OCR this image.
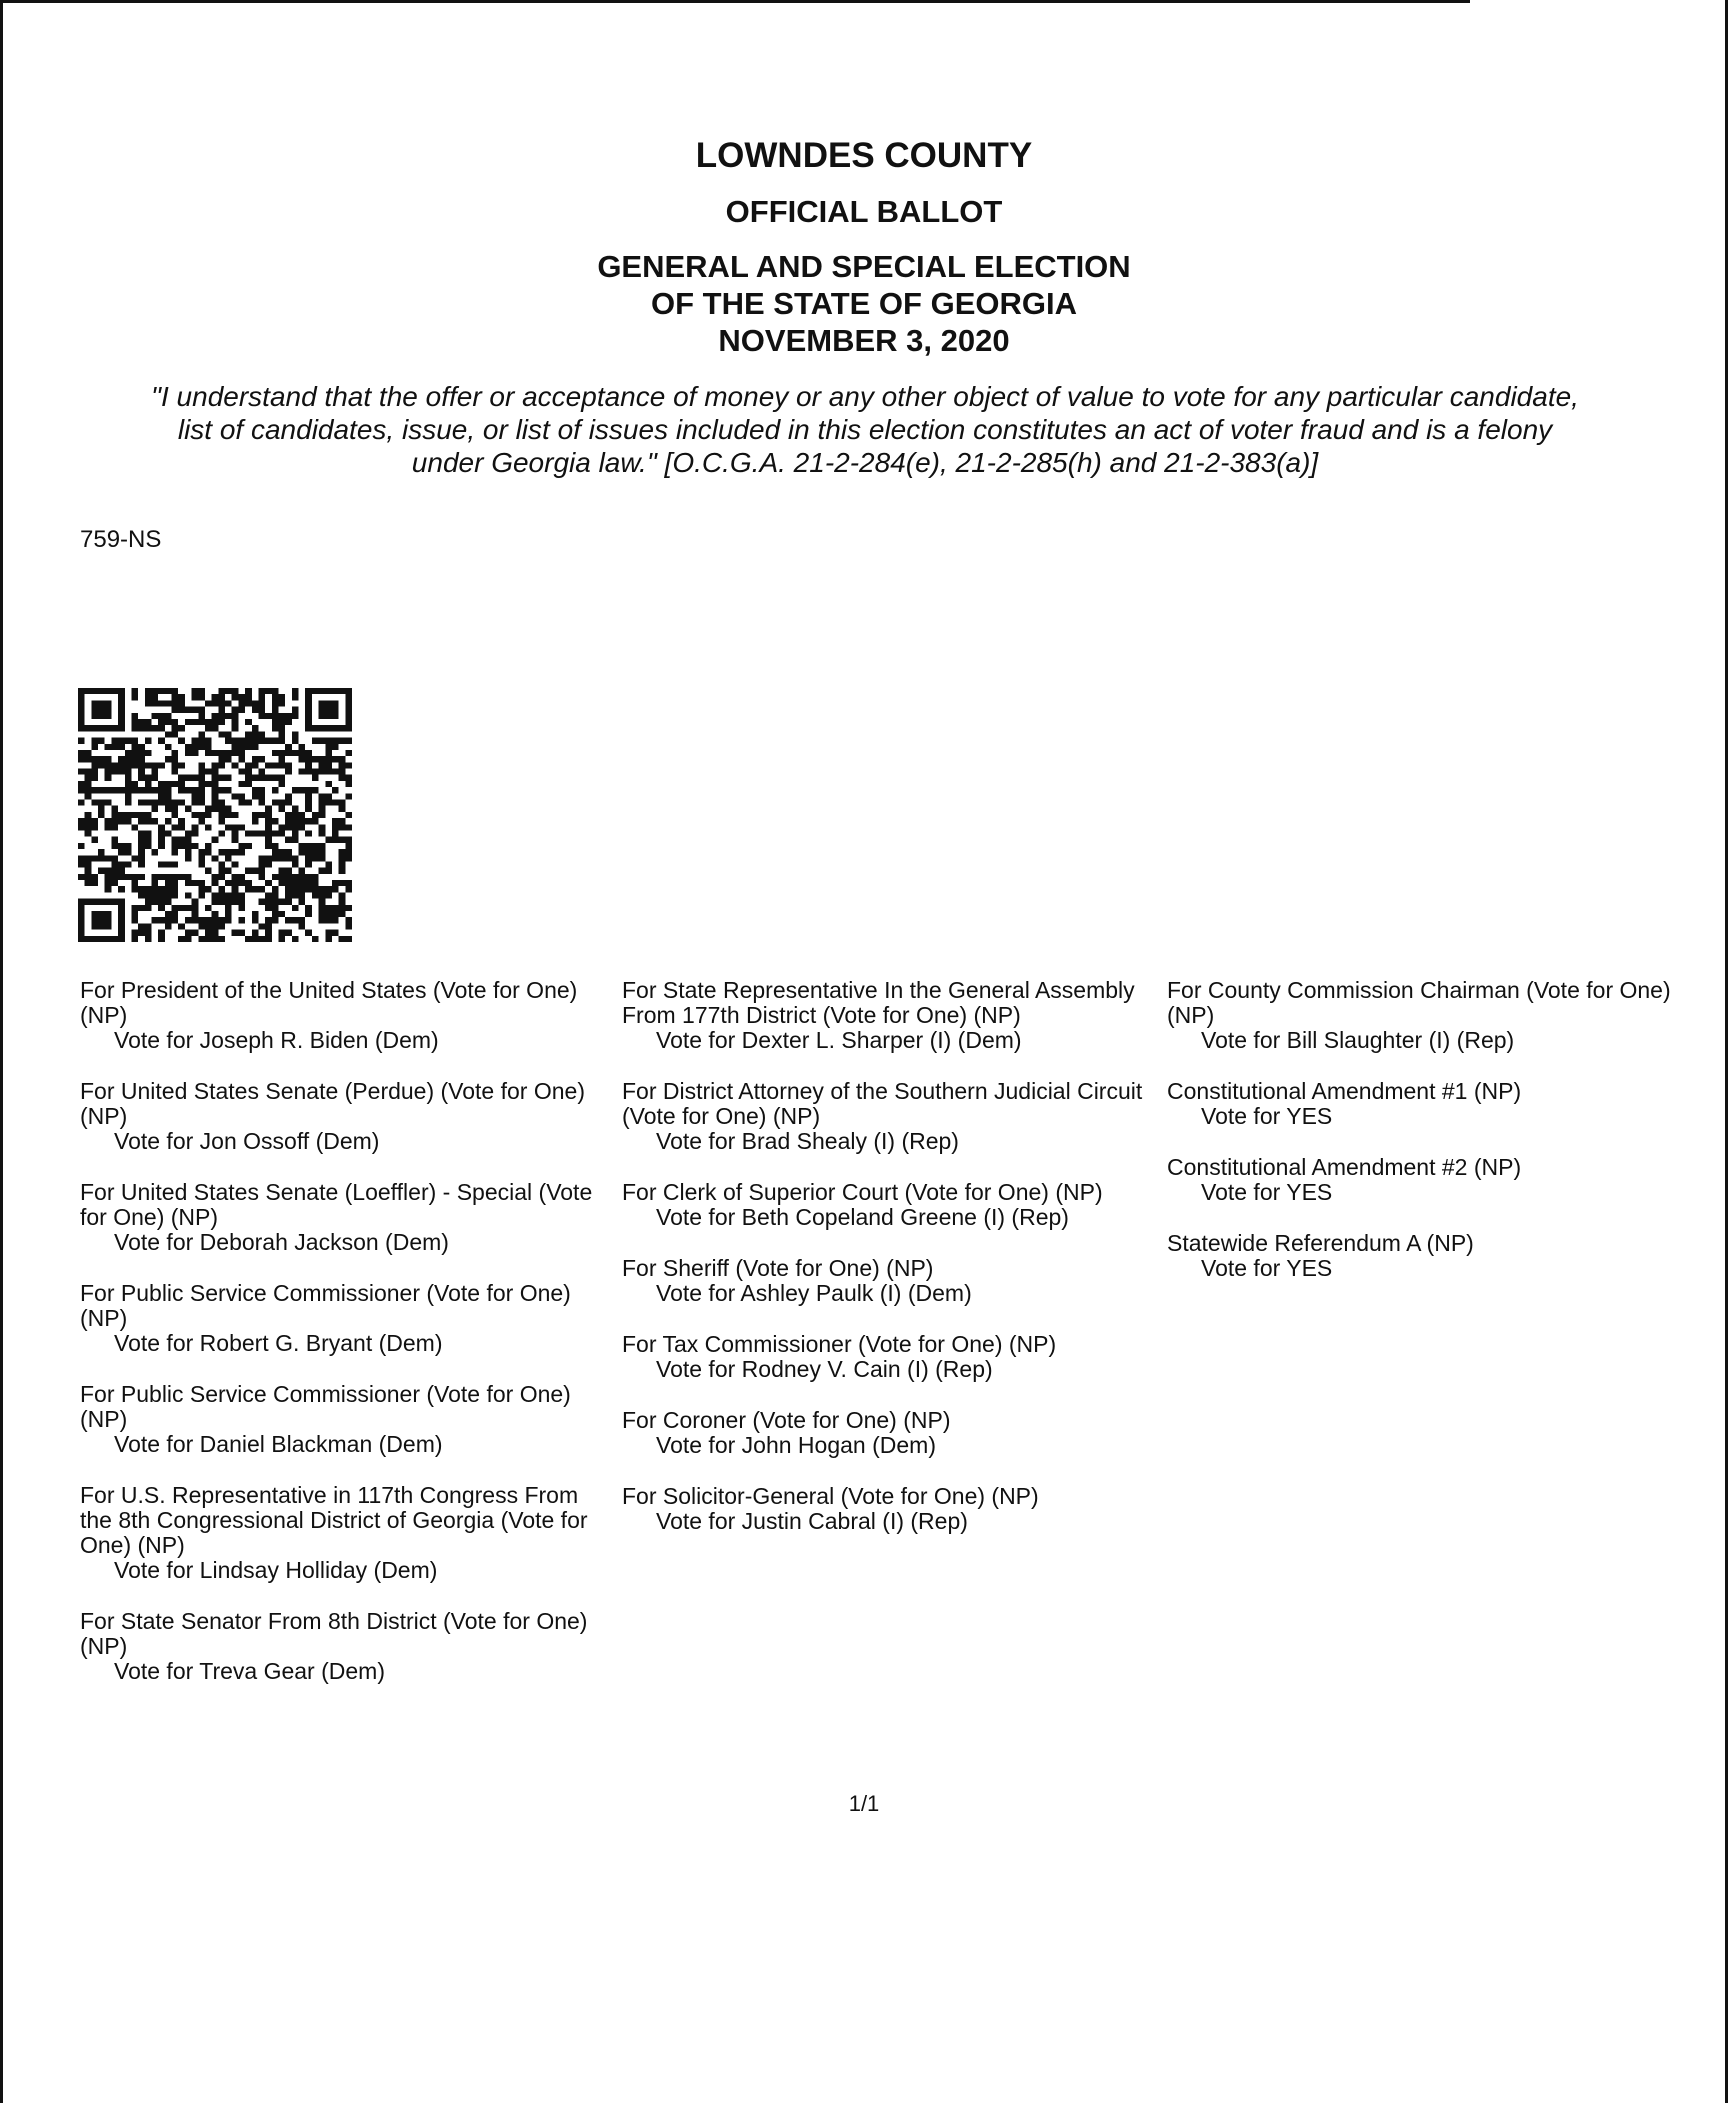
LOWNDES COUNTY
OFFICIAL BALLOT
GENERAL AND SPECIAL ELECTION
OF THE STATE OF GEORGIA
NOVEMBER 3, 2020
"I understand that the offer or acceptance of money or any other object of value to vote for any particular candidate,
list of candidates, issue, or list of issues included in this election constitutes an act of voter fraud and is a felony
under Georgia law." [O.C.G.A. 21-2-284(e), 21-2-285(h) and 21-2-383(a)]
759-NS
For President of the United States (Vote for One) (NP)
Vote for Joseph R. Biden (Dem)
For United States Senate (Perdue) (Vote for One) (NP)
Vote for Jon Ossoff (Dem)
For United States Senate (Loeffler) - Special (Vote for One) (NP)
Vote for Deborah Jackson (Dem)
For Public Service Commissioner (Vote for One) (NP)
Vote for Robert G. Bryant (Dem)
For Public Service Commissioner (Vote for One) (NP)
Vote for Daniel Blackman (Dem)
For U.S. Representative in 117th Congress From the 8th Congressional District of Georgia (Vote for One) (NP)
Vote for Lindsay Holliday (Dem)
For State Senator From 8th District (Vote for One) (NP)
Vote for Treva Gear (Dem)
For State Representative In the General Assembly From 177th District (Vote for One) (NP)
Vote for Dexter L. Sharper (I) (Dem)
For District Attorney of the Southern Judicial Circuit (Vote for One) (NP)
Vote for Brad Shealy (I) (Rep)
For Clerk of Superior Court (Vote for One) (NP)
Vote for Beth Copeland Greene (I) (Rep)
For Sheriff (Vote for One) (NP)
Vote for Ashley Paulk (I) (Dem)
For Tax Commissioner (Vote for One) (NP)
Vote for Rodney V. Cain (I) (Rep)
For Coroner (Vote for One) (NP)
Vote for John Hogan (Dem)
For Solicitor-General (Vote for One) (NP)
Vote for Justin Cabral (I) (Rep)
For County Commission Chairman (Vote for One) (NP)
Vote for Bill Slaughter (I) (Rep)
Constitutional Amendment #1 (NP)
Vote for YES
Constitutional Amendment #2 (NP)
Vote for YES
Statewide Referendum A (NP)
Vote for YES
1/1
